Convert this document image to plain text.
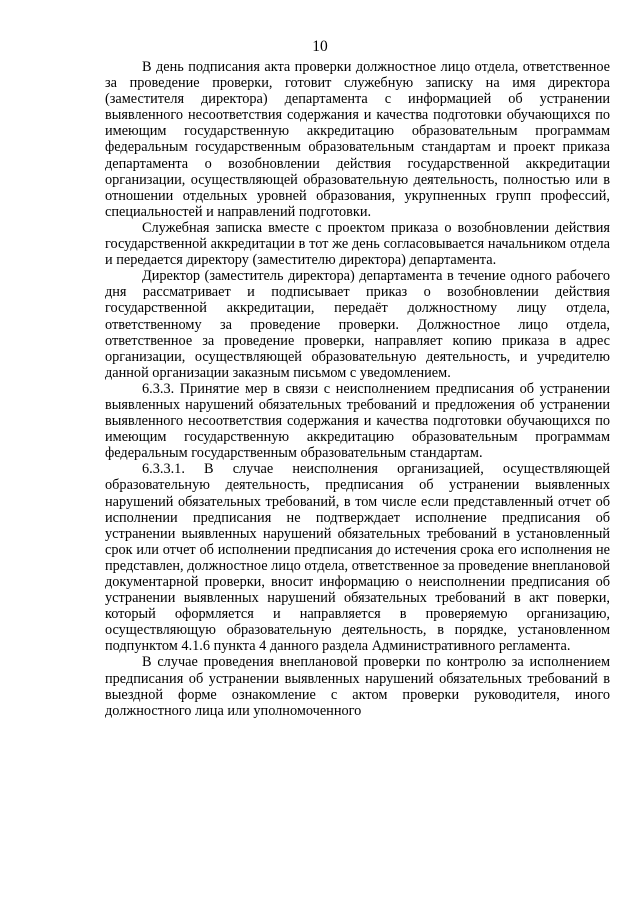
10

В день подписания акта проверки должностное лицо отдела, ответственное за проведение проверки, готовит служебную записку на имя директора (заместителя директора) департамента с информацией об устранении выявленного несоответствия содержания и качества подготовки обучающихся по имеющим государственную аккредитацию образовательным программам федеральным государственным образовательным стандартам и проект приказа департамента о возобновлении действия государственной аккредитации организации, осуществляющей образовательную деятельность, полностью или в отношении отдельных уровней образования, укрупненных групп профессий, специальностей и направлений подготовки.

Служебная записка вместе с проектом приказа о возобновлении действия государственной аккредитации в тот же день согласовывается начальником отдела и передается директору (заместителю директора) департамента.

Директор (заместитель директора) департамента в течение одного рабочего дня рассматривает и подписывает приказ о возобновлении действия государственной аккредитации, передаёт должностному лицу отдела, ответственному за проведение проверки. Должностное лицо отдела, ответственное за проведение проверки, направляет копию приказа в адрес организации, осуществляющей образовательную деятельность, и учредителю данной организации заказным письмом с уведомлением.

6.3.3. Принятие мер в связи с неисполнением предписания об устранении выявленных нарушений обязательных требований и предложения об устранении выявленного несоответствия содержания и качества подготовки обучающихся по имеющим государственную аккредитацию образовательным программам федеральным государственным образовательным стандартам.

6.3.3.1. В случае неисполнения организацией, осуществляющей образовательную деятельность, предписания об устранении выявленных нарушений обязательных требований, в том числе если представленный отчет об исполнении предписания не подтверждает исполнение предписания об устранении выявленных нарушений обязательных требований в установленный срок или отчет об исполнении предписания до истечения срока его исполнения не представлен, должностное лицо отдела, ответственное за проведение внеплановой документарной проверки, вносит информацию о неисполнении предписания об устранении выявленных нарушений обязательных требований в акт поверки, который оформляется и направляется в проверяемую организацию, осуществляющую образовательную деятельность, в порядке, установленном подпунктом 4.1.6 пункта 4 данного раздела Административного регламента.

В случае проведения внеплановой проверки по контролю за исполнением предписания об устранении выявленных нарушений обязательных требований в выездной форме ознакомление с актом проверки руководителя, иного должностного лица или уполномоченного
